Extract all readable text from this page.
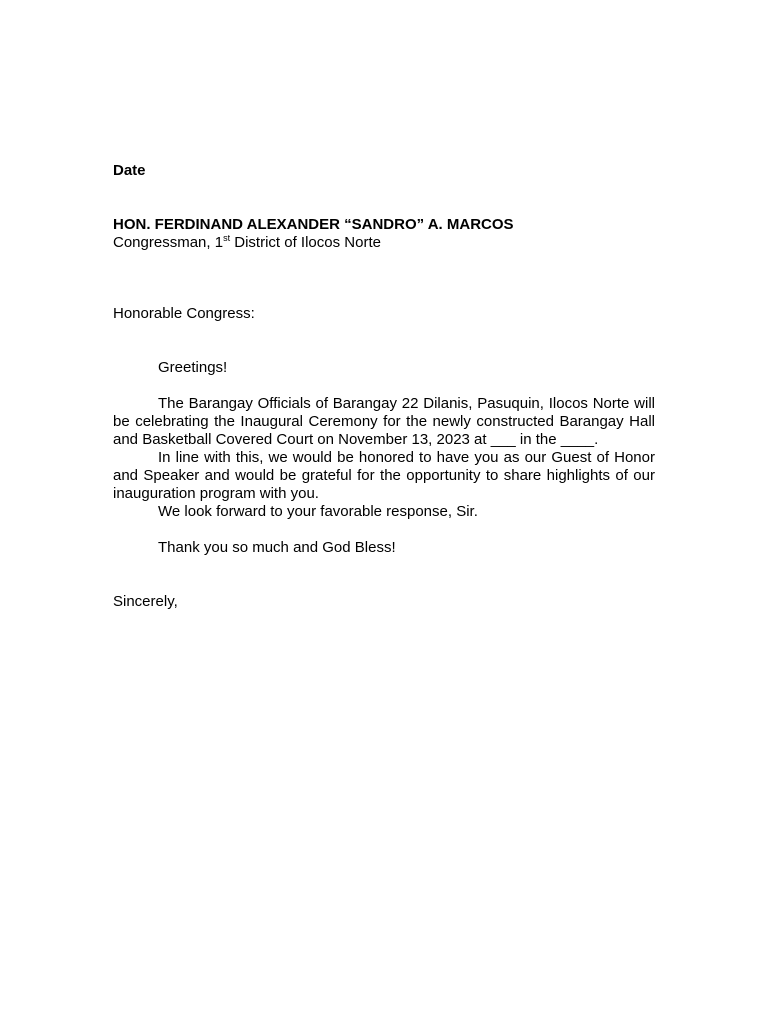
Date

HON. FERDINAND ALEXANDER “SANDRO” A. MARCOS

Congressman, 1st District of Ilocos Norte

Honorable Congress:

Greetings!

The Barangay Officials of Barangay 22 Dilanis, Pasuquin, Ilocos Norte will be celebrating the Inaugural Ceremony for the newly constructed Barangay Hall and Basketball Covered Court on November 13, 2023 at ___ in the ____.

In line with this, we would be honored to have you as our Guest of Honor and Speaker and would be grateful for the opportunity to share highlights of our inauguration program with you.

We look forward to your favorable response, Sir.

Thank you so much and God Bless!

Sincerely,
